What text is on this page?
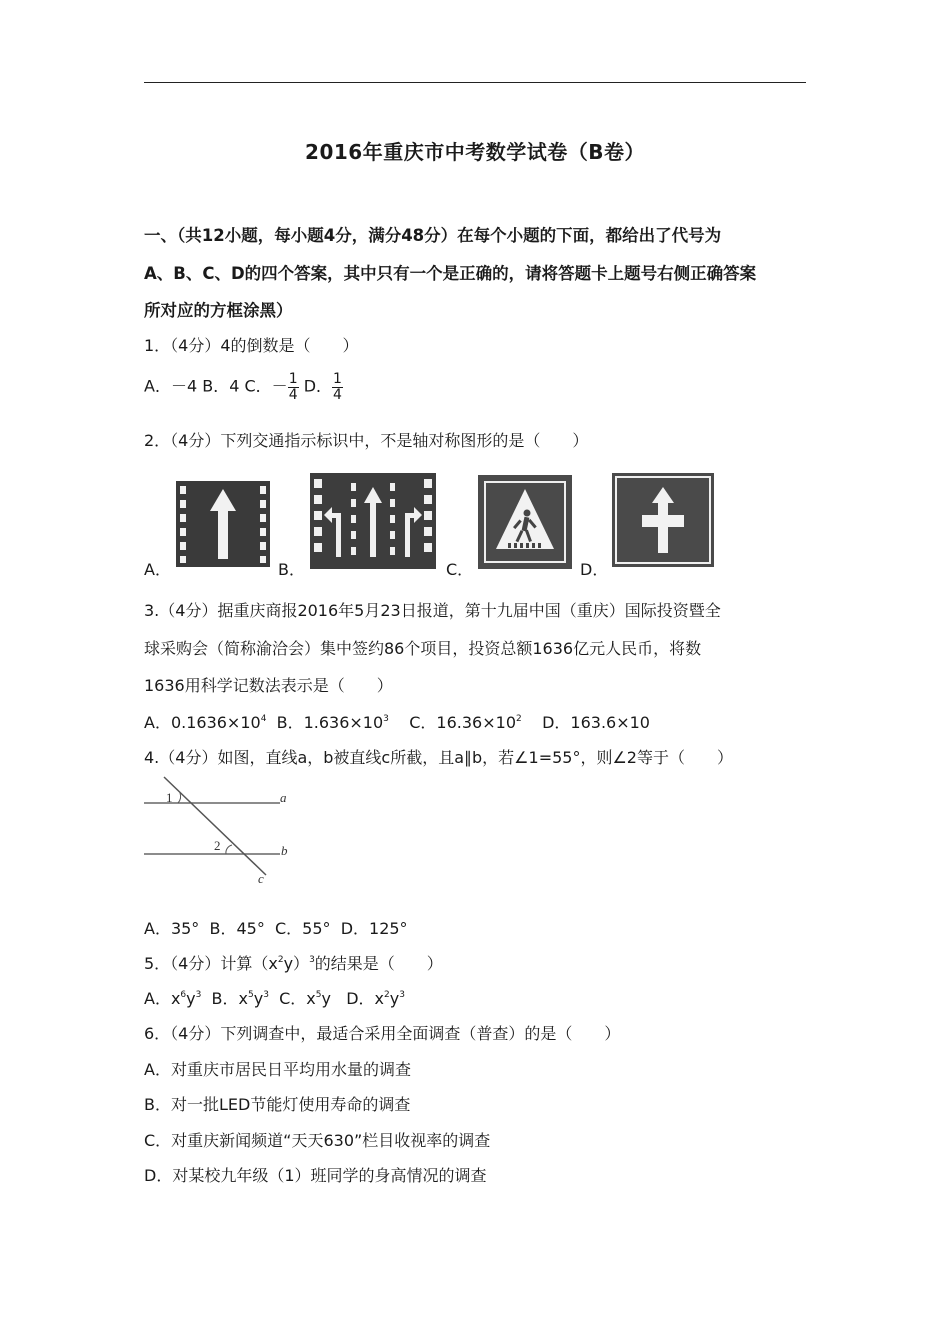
2016年重庆市中考数学试卷（B卷）
一、（共12小题，每小题4分，满分48分）在每个小题的下面，都给出了代号为
A、B、C、D的四个答案，其中只有一个是正确的，请将答题卡上题号右侧正确答案
所对应的方框涂黑）
1．（4分）4的倒数是（　　）
A．－4 B．4 C．－ $\frac{1}{4}$ D． $\frac{1}{4}$
2．（4分）下列交通指示标识中，不是轴对称图形的是（　　）
A．	B．	C．	D．
3.（4分）据重庆商报2016年5月23日报道，第十九届中国（重庆）国际投资暨全
球采购会（简称渝洽会）集中签约86个项目，投资总额1636亿元人民币，将数
1636用科学记数法表示是（　　）
A．$0.1636\times 10^4$ B．$1.636\times 10^3$ C．$16.36\times 10^2$ D．163.6×10
4.（4分）如图，直线a，b被直线c所截，且a∥b，若∠1=55°，则∠2等于（　　）
1
2
a
b
c
A．35°  B．45°  C．55°  D．125°
5．（4分）计算$(x^2y)^3$的结果是（　　）
A．$x^6y^3$ B．$x^5y^3$ C．$x^5y$ D．$x^2y^3$
6．（4分）下列调查中，最适合采用全面调查（普查）的是（　　）
A．对重庆市居民日平均用水量的调查
B．对一批LED节能灯使用寿命的调查
C．对重庆新闻频道“天天630”栏目收视率的调查
D．对某校九年级（1）班同学的身高情况的调查
